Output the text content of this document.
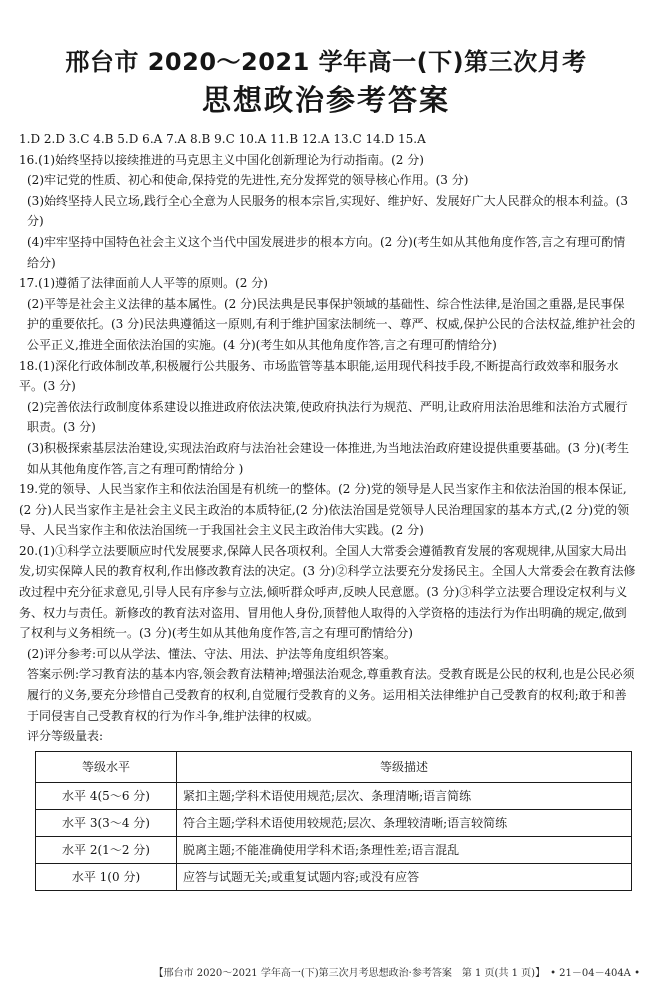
邢台市 2020～2021 学年高一(下)第三次月考
思想政治参考答案

1.D 2.D 3.C 4.B 5.D 6.A 7.A 8.B 9.C 10.A 11.B 12.A 13.C 14.D 15.A

16.(1)始终坚持以接续推进的马克思主义中国化创新理论为行动指南。(2 分)

(2)牢记党的性质、初心和使命,保持党的先进性,充分发挥党的领导核心作用。(3 分)

(3)始终坚持人民立场,践行全心全意为人民服务的根本宗旨,实现好、维护好、发展好广大人民群众的根本利益。(3 分)

(4)牢牢坚持中国特色社会主义这个当代中国发展进步的根本方向。(2 分)(考生如从其他角度作答,言之有理可酌情给分)

17.(1)遵循了法律面前人人平等的原则。(2 分)

(2)平等是社会主义法律的基本属性。(2 分)民法典是民事保护领域的基础性、综合性法律,是治国之重器,是民事保护的重要依托。(3 分)民法典遵循这一原则,有利于维护国家法制统一、尊严、权威,保护公民的合法权益,维护社会的公平正义,推进全面依法治国的实施。(4 分)(考生如从其他角度作答,言之有理可酌情给分)

18.(1)深化行政体制改革,积极履行公共服务、市场监管等基本职能,运用现代科技手段,不断提高行政效率和服务水平。(3 分)

(2)完善依法行政制度体系建设以推进政府依法决策,使政府执法行为规范、严明,让政府用法治思维和法治方式履行职责。(3 分)

(3)积极探索基层法治建设,实现法治政府与法治社会建设一体推进,为当地法治政府建设提供重要基础。(3 分)(考生如从其他角度作答,言之有理可酌情给分 )

19.党的领导、人民当家作主和依法治国是有机统一的整体。(2 分)党的领导是人民当家作主和依法治国的根本保证,(2 分)人民当家作主是社会主义民主政治的本质特征,(2 分)依法治国是党领导人民治理国家的基本方式,(2 分)党的领导、人民当家作主和依法治国统一于我国社会主义民主政治伟大实践。(2 分)

20.(1)①科学立法要顺应时代发展要求,保障人民各项权利。全国人大常委会遵循教育发展的客观规律,从国家大局出发,切实保障人民的教育权利,作出修改教育法的决定。(3 分)②科学立法要充分发扬民主。全国人大常委会在教育法修改过程中充分征求意见,引导人民有序参与立法,倾听群众呼声,反映人民意愿。(3 分)③科学立法要合理设定权利与义务、权力与责任。新修改的教育法对盗用、冒用他人身份,顶替他人取得的入学资格的违法行为作出明确的规定,做到了权利与义务相统一。(3 分)(考生如从其他角度作答,言之有理可酌情给分)

(2)评分参考:可以从学法、懂法、守法、用法、护法等角度组织答案。

答案示例:学习教育法的基本内容,领会教育法精神;增强法治观念,尊重教育法。受教育既是公民的权利,也是公民必须履行的义务,要充分珍惜自己受教育的权利,自觉履行受教育的义务。运用相关法律维护自己受教育的权利;敢于和善于同侵害自己受教育权的行为作斗争,维护法律的权威。

评分等级量表:

等级水平	等级描述
水平 4(5～6 分)	紧扣主题;学科术语使用规范;层次、条理清晰;语言简练
水平 3(3～4 分)	符合主题;学科术语使用较规范;层次、条理较清晰;语言较简练
水平 2(1～2 分)	脱离主题;不能准确使用学科术语;条理性差;语言混乱
水平 1(0 分)	应答与试题无关;或重复试题内容;或没有应答
【邢台市 2020～2021 学年高一(下)第三次月考思想政治·参考答案　第 1 页(共 1 页)】　• 21－04－404A •
